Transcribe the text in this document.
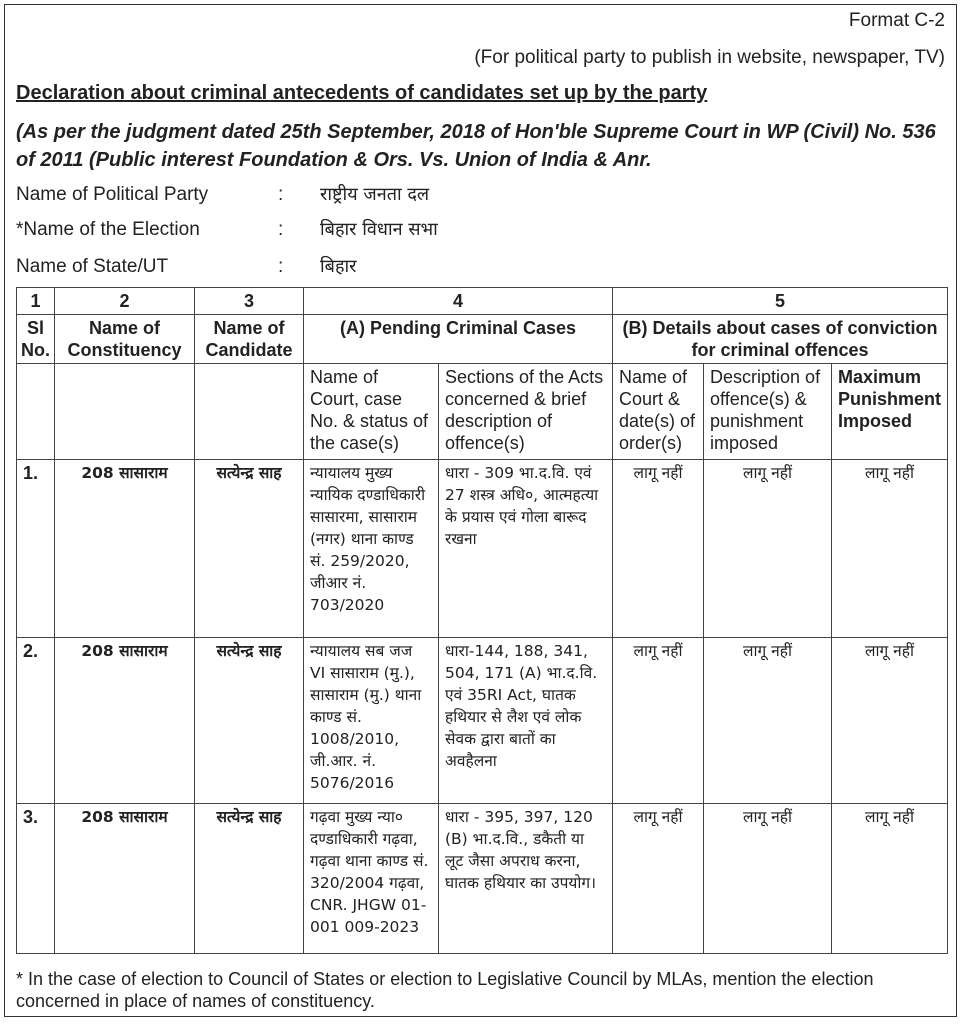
Format C-2
(For political party to publish in website, newspaper, TV)
Declaration about criminal antecedents of candidates set up by the party
(As per the judgment dated 25th September, 2018 of Hon'ble Supreme Court in WP (Civil) No. 536 of 2011 (Public interest Foundation & Ors. Vs. Union of India & Anr.
Name of Political Party	: राष्ट्रीय जनता दल
*Name of the Election	: बिहार विधान सभा
Name of State/UT	: बिहार
1	2	3	4		5		
Sl No.	Name of Constituency	Name of Candidate	(A) Pending Criminal Cases		(B) Details about cases of conviction for criminal offences		
			Name of Court, case No. & status of the case(s)	Sections of the Acts concerned & brief description of offence(s)	Name of Court & date(s) of order(s)	Description of offence(s) & punishment imposed	Maximum Punishment Imposed
1.	208 सासाराम	सत्येन्द्र साह	न्यायालय मुख्य न्यायिक दण्डाधिकारी सासारमा, सासाराम (नगर) थाना काण्ड सं. 259/2020, जीआर नं. 703/2020	धारा - 309 भा.द.वि. एवं 27 शस्त्र अधि०, आत्महत्या के प्रयास एवं गोला बारूद रखना	लागू नहीं	लागू नहीं	लागू नहीं
2.	208 सासाराम	सत्येन्द्र साह	न्यायालय सब जज VI सासाराम (मु.), सासाराम (मु.) थाना काण्ड सं. 1008/2010, जी.आर. नं. 5076/2016	धारा-144, 188, 341, 504, 171 (A) भा.द.वि. एवं 35RI Act, घातक हथियार से लैश एवं लोक सेवक द्वारा बातों का अवहैलना	लागू नहीं	लागू नहीं	लागू नहीं
3.	208 सासाराम	सत्येन्द्र साह	गढ़वा मुख्य न्या० दण्डाधिकारी गढ़वा, गढ़वा थाना काण्ड सं. 320/2004 गढ़वा, CNR. JHGW 01-001 009-2023	धारा - 395, 397, 120 (B) भा.द.वि., डकैती या लूट जैसा अपराध करना, घातक हथियार का उपयोग।	लागू नहीं	लागू नहीं	लागू नहीं
* In the case of election to Council of States or election to Legislative Council by MLAs, mention the election concerned in place of names of constituency.
